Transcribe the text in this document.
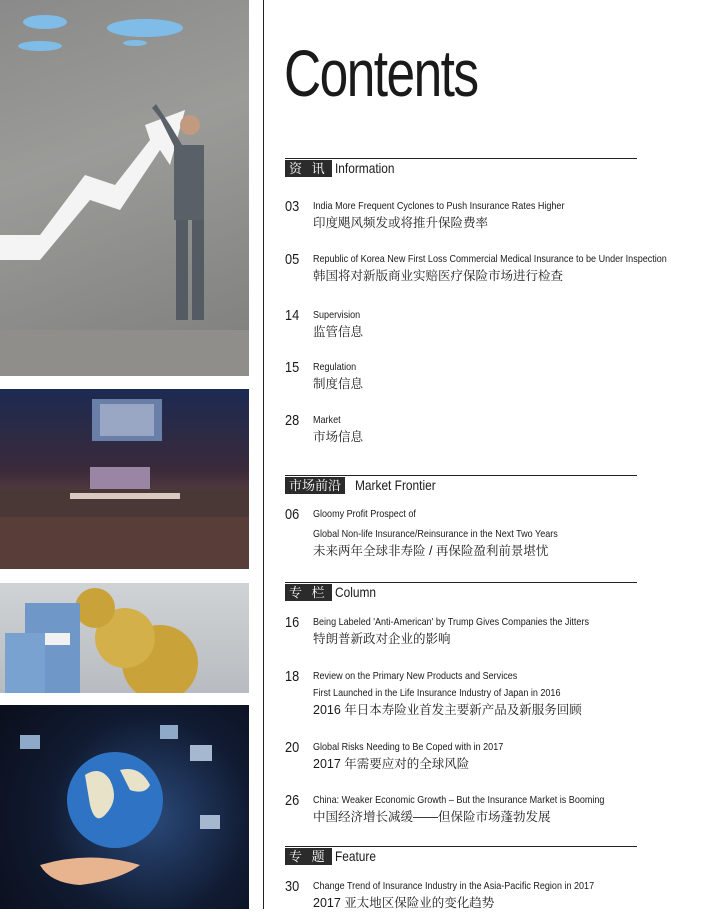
Contents
资 讯 Information
03 India More Frequent Cyclones to Push Insurance Rates Higher
印度飓风频发或将推升保险费率
05 Republic of Korea New First Loss Commercial Medical Insurance to be Under Inspection
韩国将对新版商业实赔医疗保险市场进行检查
14 Supervision
监管信息
15 Regulation
制度信息
28 Market
市场信息
市场前沿 Market Frontier
06 Gloomy Profit Prospect of
Global Non-life Insurance/Reinsurance in the Next Two Years
未来两年全球非寿险 / 再保险盈利前景堪忧
专 栏 Column
16 Being Labeled 'Anti-American' by Trump Gives Companies the Jitters
特朗普新政对企业的影响
18 Review on the Primary New Products and Services
First Launched in the Life Insurance Industry of Japan in 2016
2016 年日本寿险业首发主要新产品及新服务回顾
20 Global Risks Needing to Be Coped with in 2017
2017 年需要应对的全球风险
26 China: Weaker Economic Growth – But the Insurance Market is Booming
中国经济增长减缓——但保险市场蓬勃发展
专 题 Feature
30 Change Trend of Insurance Industry in the Asia-Pacific Region in 2017
2017 亚太地区保险业的变化趋势
